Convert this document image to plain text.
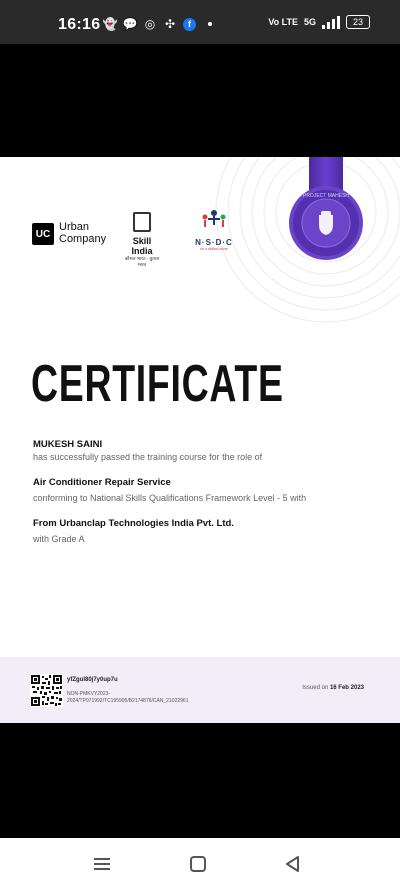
16:16 👻 💬 ◎ ✣	f	Vo LTE 5G	23
PROJECT MAHESH
UC
Urban
Company	Skill India
कौशल भारत - कुशल भारत
N·S·D·C
for a skilled future
CERTIFICATE
MUKESH SAINI
has successfully passed the training course for the role of
Air Conditioner Repair Service
conforming to National Skills Qualifications Framework Level - 5 with
From Urbanclap Technologies India Pvt. Ltd.
with Grade A
yfZgul80j7y0up7u
NON-PMKVY2023-
2024/TP071992/TC195905/B2174876/CAN_21022961
Issued on 16 Feb 2023
